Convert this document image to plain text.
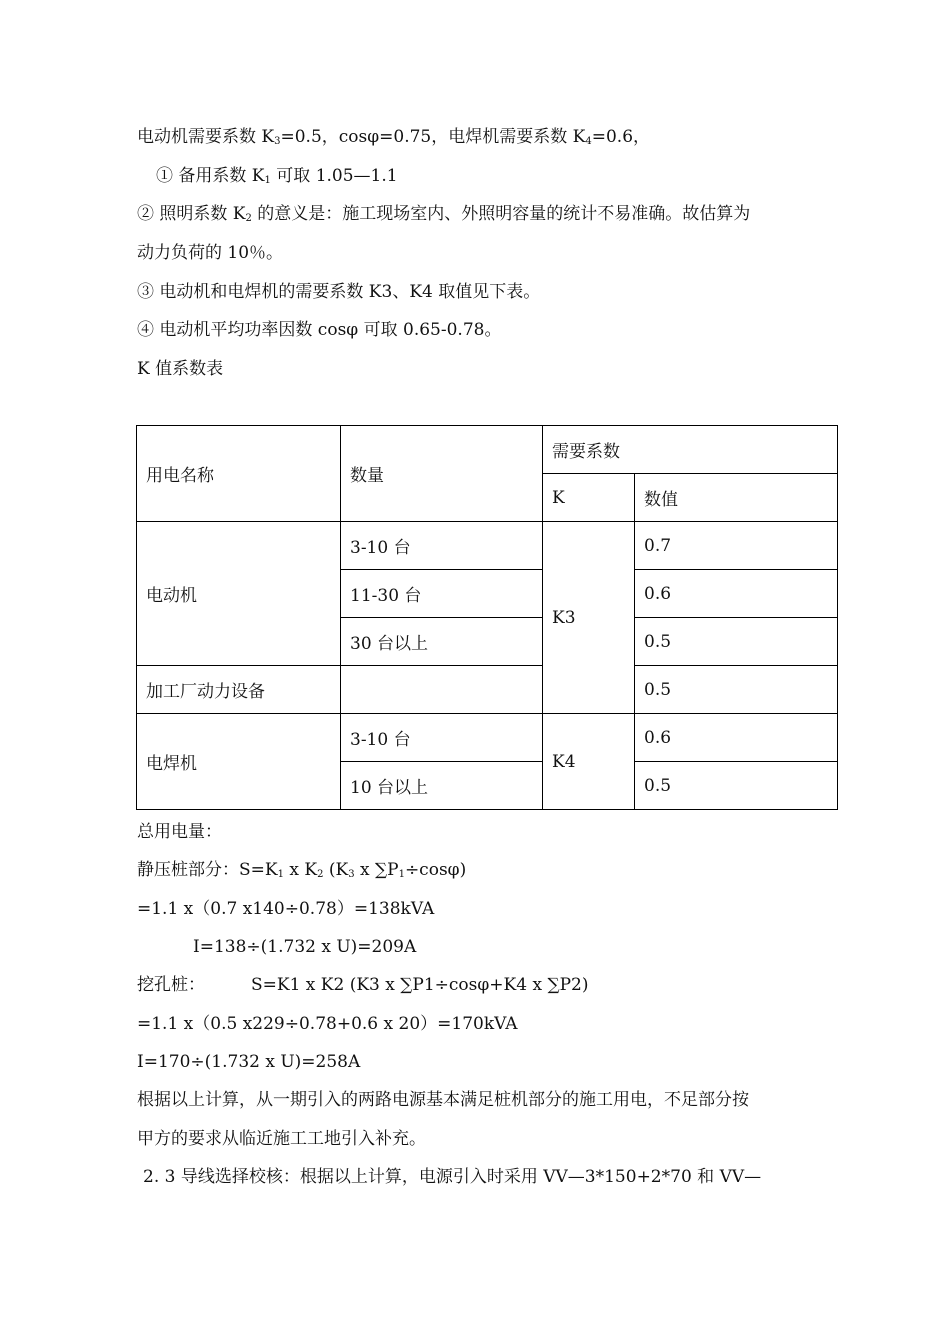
电动机需要系数 $K_3=0.5$，cosφ=0.75，电焊机需要系数 $K_4=0.6$，
① 备用系数 $K_1$ 可取 1.05—1.1
② 照明系数 $K_2$ 的意义是：施工现场室内、外照明容量的统计不易准确。故估算为
动力负荷的 10％。
③ 电动机和电焊机的需要系数 K3、K4 取值见下表。
④ 电动机平均功率因数 cosφ 可取 0.65-0.78。
K 值系数表
用电名称	数量	需要系数	
		K	数值
电动机	3-10 台	K3	0.7
	11-30 台		0.6
	30 台以上		0.5
加工厂动力设备			0.5
电焊机	3-10 台	K4	0.6
	10 台以上		0.5
总用电量：
静压桩部分：$S=K_1$ x $K_2$ ($K_3$ x $\sum P_1\div\cos\varphi$)
=1.1 x（0.7 x140÷0.78）=138kVA
I=138÷(1.732 x U)=209A
挖孔桩：	S=K1 x K2 (K3 x ∑P1÷cosφ+K4 x ∑P2)
=1.1 x（0.5 x229÷0.78+0.6 x 20）=170kVA
I=170÷(1.732 x U)=258A
根据以上计算，从一期引入的两路电源基本满足桩机部分的施工用电，不足部分按
甲方的要求从临近施工工地引入补充。
2. 3 导线选择校核：根据以上计算，电源引入时采用 VV—3*150+2*70 和 VV—
